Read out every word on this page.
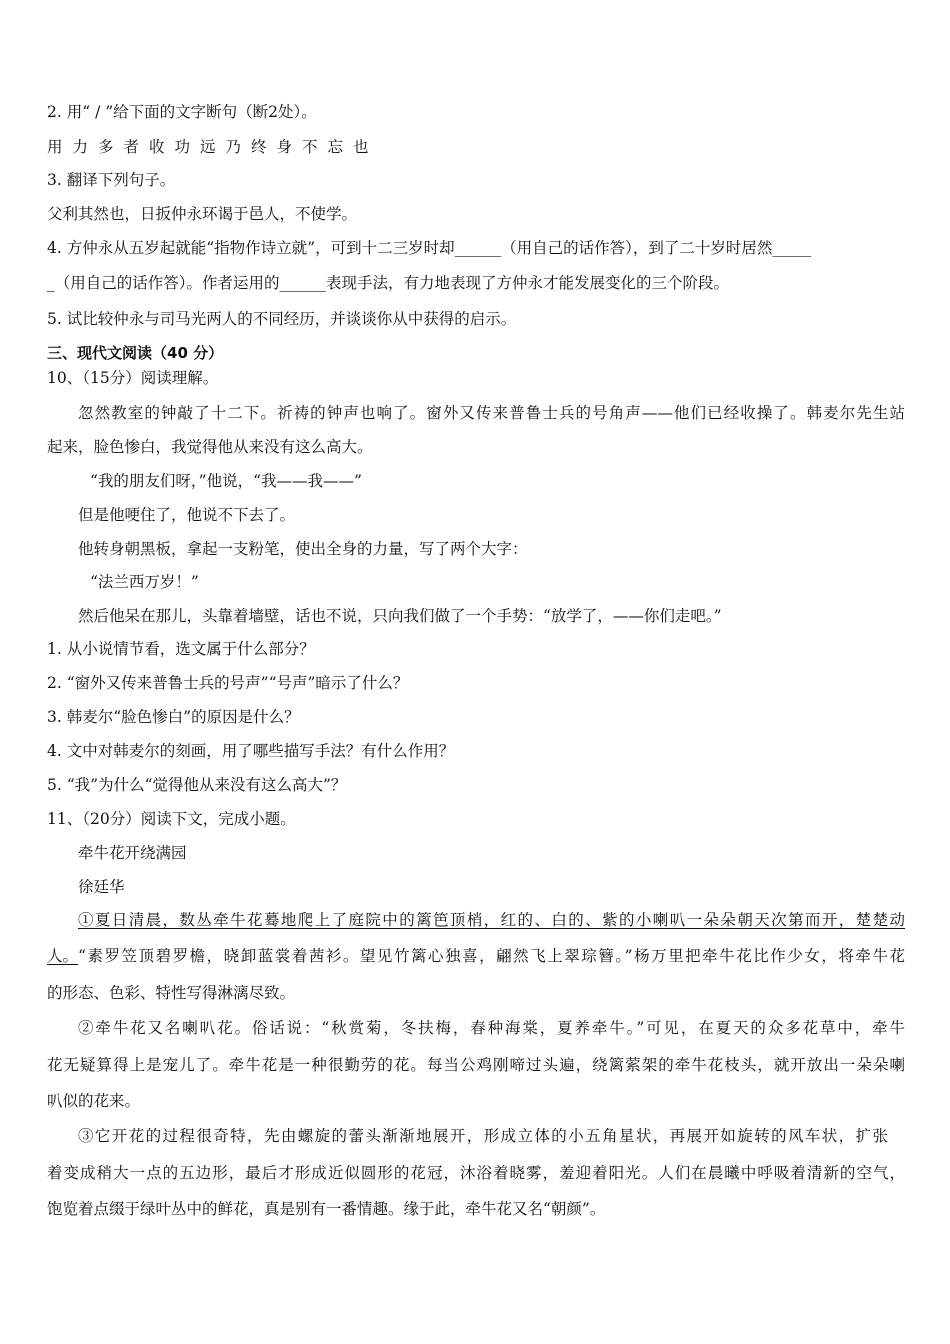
2. 用“ / ”给下面的文字断句（断2处）。
用力多者收功远乃终身不忘也
3. 翻译下列句子。
父利其然也，日扳仲永环谒于邑人，不使学。
4. 方仲永从五岁起就能“指物作诗立就”，可到十二三岁时却______（用自己的话作答），到了二十岁时居然_____
_（用自己的话作答）。作者运用的______表现手法，有力地表现了方仲永才能发展变化的三个阶段。
5. 试比较仲永与司马光两人的不同经历，并谈谈你从中获得的启示。
三、现代文阅读（40 分）
10、（15分）阅读理解。
忽然教室的钟敲了十二下。祈祷的钟声也响了。窗外又传来普鲁士兵的号角声——他们已经收操了。韩麦尔先生站
起来，脸色惨白，我觉得他从来没有这么高大。
“我的朋友们呀，”他说，“我——我——”
但是他哽住了，他说不下去了。
他转身朝黑板，拿起一支粉笔，使出全身的力量，写了两个大字：
“法兰西万岁！”
然后他呆在那儿，头靠着墙壁，话也不说，只向我们做了一个手势：“放学了，——你们走吧。”
1. 从小说情节看，选文属于什么部分？
2. “窗外又传来普鲁士兵的号声”“号声”暗示了什么？
3. 韩麦尔“脸色惨白”的原因是什么？
4. 文中对韩麦尔的刻画，用了哪些描写手法？有什么作用？
5. “我”为什么“觉得他从来没有这么高大”？
11、（20分）阅读下文，完成小题。
牵牛花开绕满园
徐廷华
①夏日清晨，数丛牵牛花蓦地爬上了庭院中的篱笆顶梢，红的、白的、紫的小喇叭一朵朵朝天次第而开，楚楚动
人。 “素罗笠顶碧罗檐，晓卸蓝裳着茜衫。望见竹篱心独喜，翩然飞上翠琮簪。”杨万里把牵牛花比作少女，将牵牛花
的形态、色彩、特性写得淋漓尽致。
②牵牛花又名喇叭花。俗话说：“秋赏菊，冬扶梅，春种海棠，夏养牵牛。”可见，在夏天的众多花草中，牵牛
花无疑算得上是宠儿了。牵牛花是一种很勤劳的花。每当公鸡刚啼过头遍，绕篱萦架的牵牛花枝头，就开放出一朵朵喇
叭似的花来。
③它开花的过程很奇特，先由螺旋的蕾头渐渐地展开，形成立体的小五角星状，再展开如旋转的风车状，扩张
着变成稍大一点的五边形，最后才形成近似圆形的花冠，沐浴着晓雾，羞迎着阳光。人们在晨曦中呼吸着清新的空气，
饱览着点缀于绿叶丛中的鲜花，真是别有一番情趣。缘于此，牵牛花又名“朝颜”。
